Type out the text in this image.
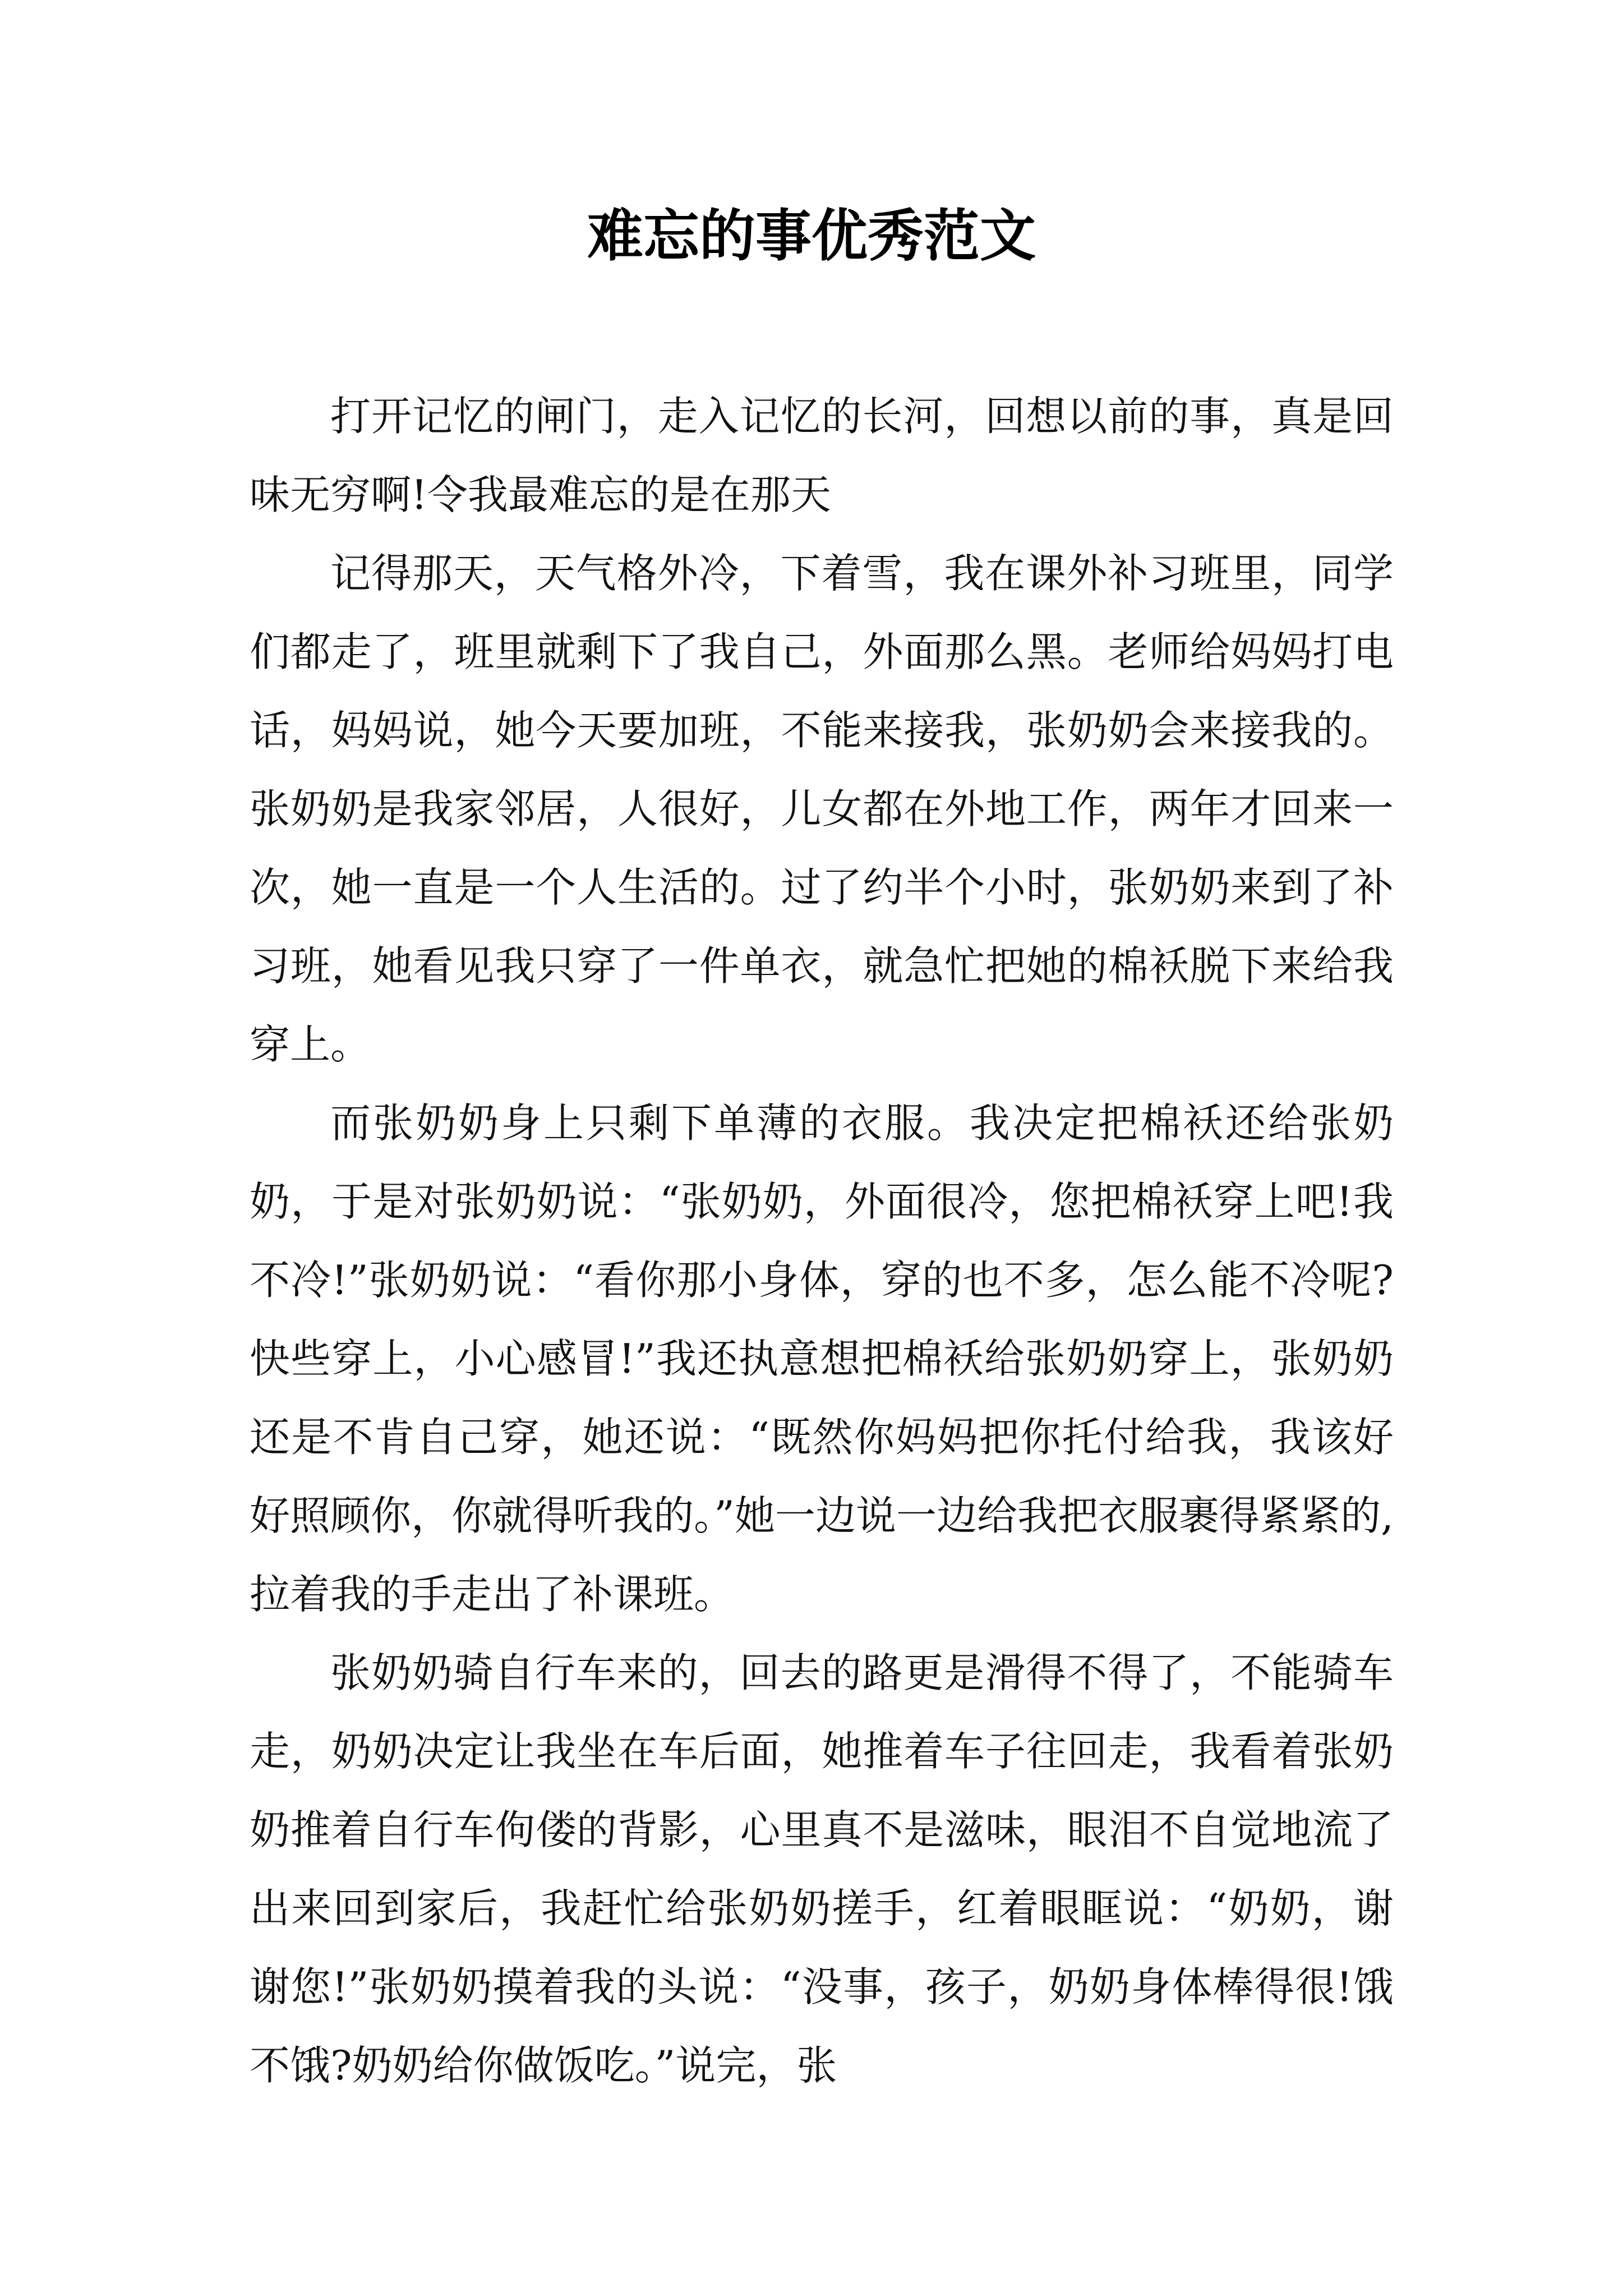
难忘的事优秀范文

打开记忆的闸门，走入记忆的长河，回想以前的事，真是回味无穷啊!令我最难忘的是在那天

记得那天，天气格外冷，下着雪，我在课外补习班里，同学们都走了，班里就剩下了我自己，外面那么黑。老师给妈妈打电话，妈妈说，她今天要加班，不能来接我，张奶奶会来接我的。张奶奶是我家邻居，人很好，儿女都在外地工作，两年才回来一次，她一直是一个人生活的。过了约半个小时，张奶奶来到了补习班，她看见我只穿了一件单衣，就急忙把她的棉袄脱下来给我穿上。

而张奶奶身上只剩下单薄的衣服。我决定把棉袄还给张奶奶，于是对张奶奶说：“张奶奶，外面很冷，您把棉袄穿上吧!我不冷!”张奶奶说：“看你那小身体，穿的也不多，怎么能不冷呢?快些穿上，小心感冒!”我还执意想把棉袄给张奶奶穿上，张奶奶还是不肯自己穿，她还说：“既然你妈妈把你托付给我，我该好好照顾你，你就得听我的。”她一边说一边给我把衣服裹得紧紧的,拉着我的手走出了补课班。

张奶奶骑自行车来的，回去的路更是滑得不得了，不能骑车走，奶奶决定让我坐在车后面，她推着车子往回走，我看着张奶奶推着自行车佝偻的背影，心里真不是滋味，眼泪不自觉地流了出来回到家后，我赶忙给张奶奶搓手，红着眼眶说：“奶奶，谢谢您!”张奶奶摸着我的头说：“没事，孩子，奶奶身体棒得很!饿不饿?奶奶给你做饭吃。”说完，张
